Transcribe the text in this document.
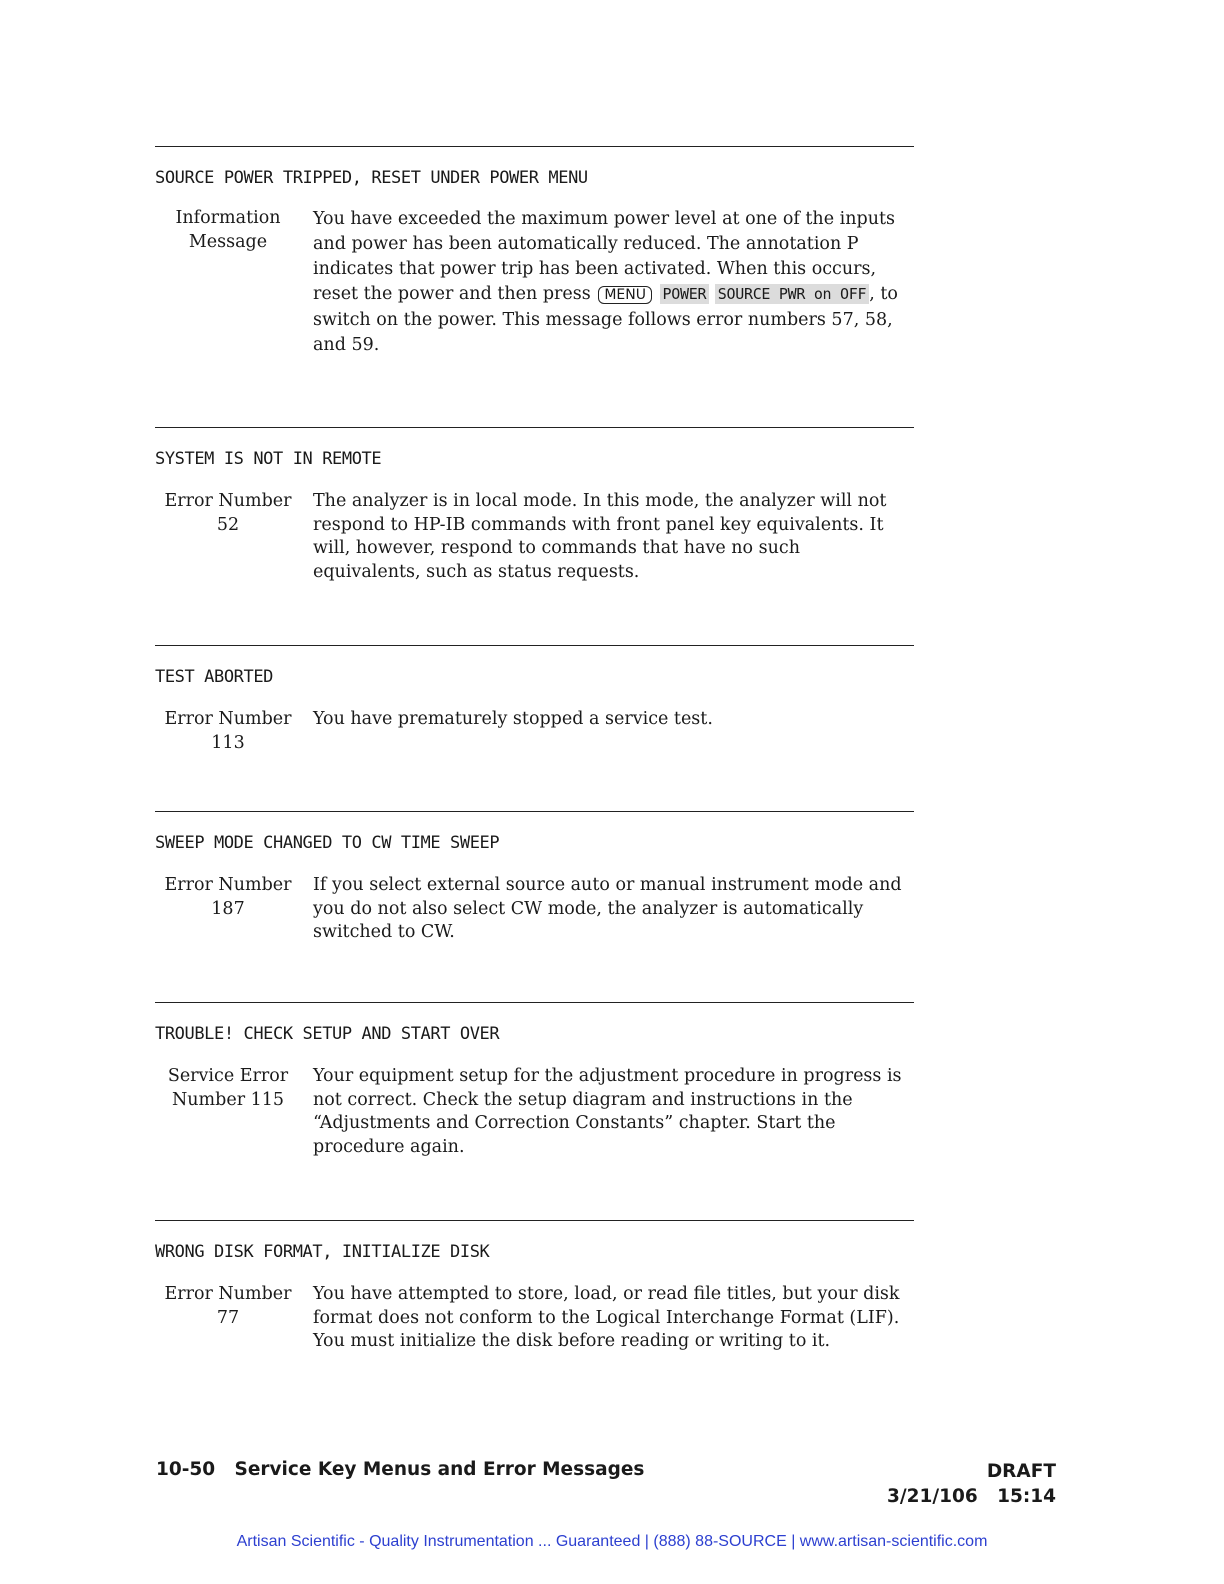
SOURCE POWER TRIPPED, RESET UNDER POWER MENU
Information
Message
You have exceeded the maximum power level at one of the inputs and power has been automatically reduced. The annotation P indicates that power trip has been activated. When this occurs, reset the power and then press MENU POWER SOURCE PWR on OFF , to switch on the power. This message follows error numbers 57, 58, and 59.
SYSTEM IS NOT IN REMOTE
Error Number
52
The analyzer is in local mode. In this mode, the analyzer will not respond to HP-IB commands with front panel key equivalents. It will, however, respond to commands that have no such equivalents, such as status requests.
TEST ABORTED
Error Number
113
You have prematurely stopped a service test.
SWEEP MODE CHANGED TO CW TIME SWEEP
Error Number
187
If you select external source auto or manual instrument mode and you do not also select CW mode, the analyzer is automatically switched to CW.
TROUBLE! CHECK SETUP AND START OVER
Service Error
Number 115
Your equipment setup for the adjustment procedure in progress is not correct. Check the setup diagram and instructions in the “Adjustments and Correction Constants” chapter. Start the procedure again.
WRONG DISK FORMAT, INITIALIZE DISK
Error Number
77
You have attempted to store, load, or read file titles, but your disk format does not conform to the Logical Interchange Format (LIF). You must initialize the disk before reading or writing to it.
10-50   Service Key Menus and Error Messages	DRAFT
3/21/106   15:14
Artisan Scientific - Quality Instrumentation ... Guaranteed | (888) 88-SOURCE | www.artisan-scientific.com
